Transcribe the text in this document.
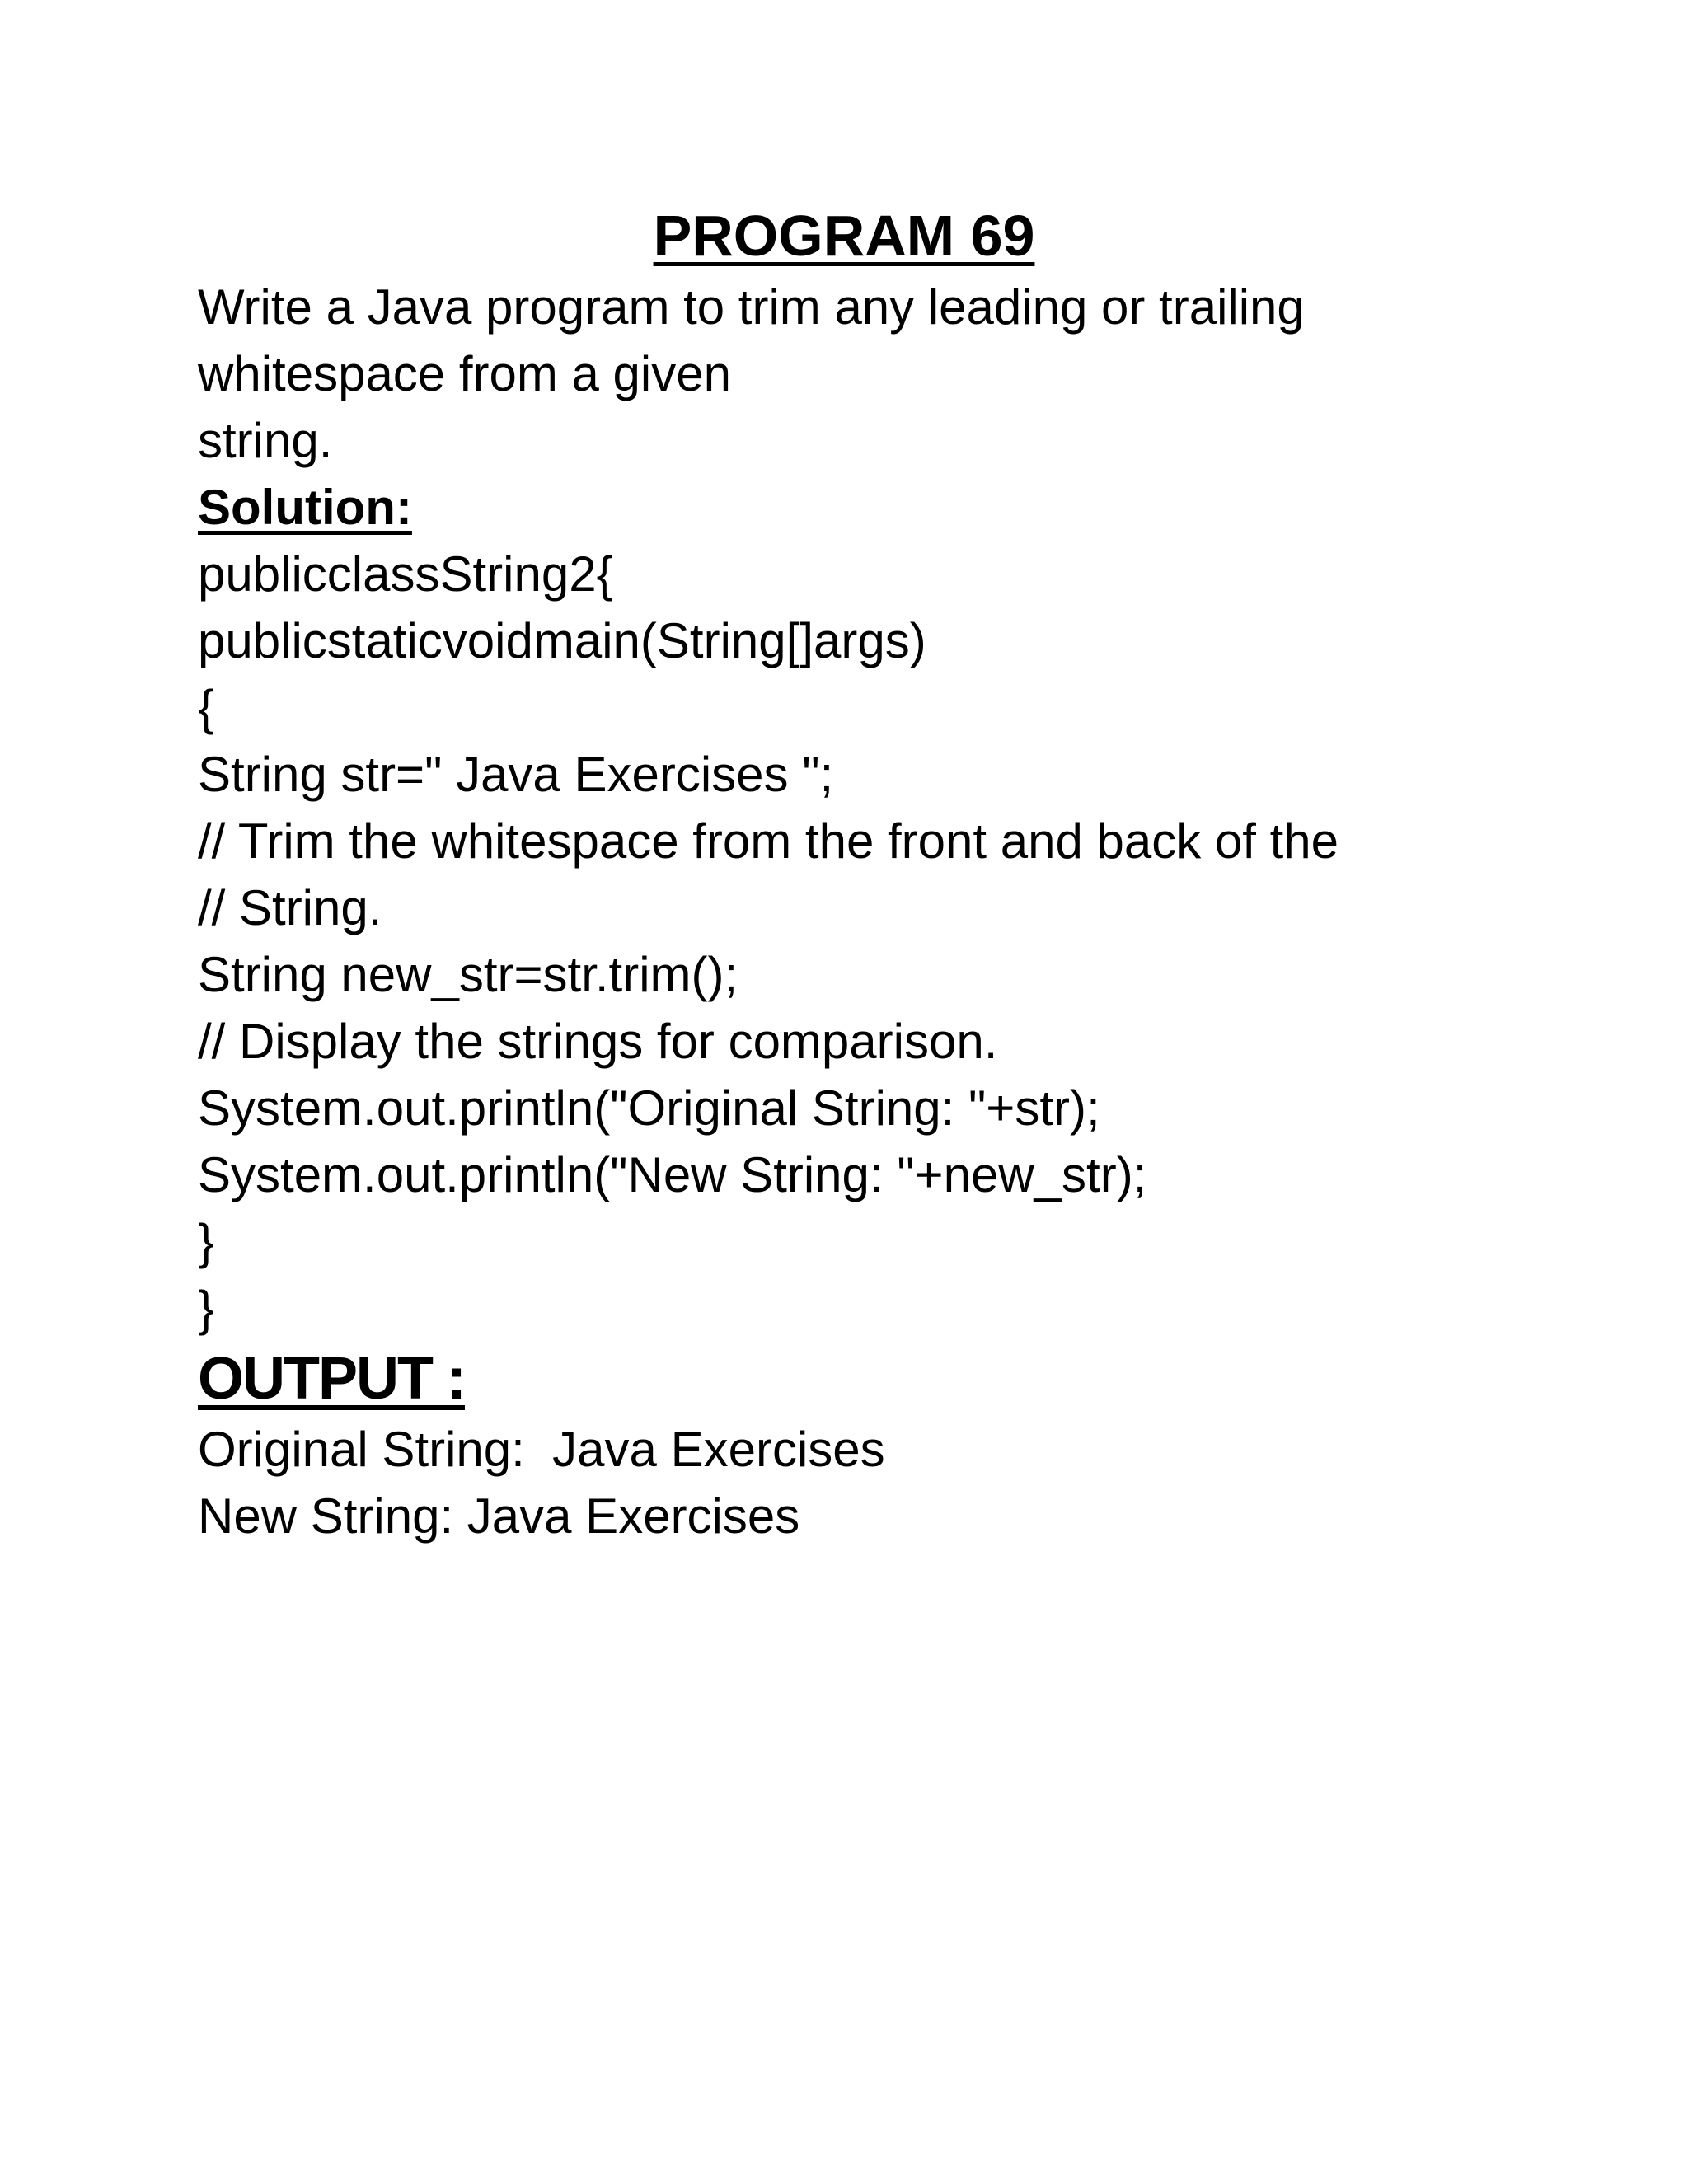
PROGRAM 69
Write a Java program to trim any leading or trailing
whitespace from a given
string.
Solution:
publicclassString2{
publicstaticvoidmain(String[]args)
{
String str=" Java Exercises ";
// Trim the whitespace from the front and back of the
// String.
String new_str=str.trim();
// Display the strings for comparison.
System.out.println("Original String: "+str);
System.out.println("New String: "+new_str);
}
}
OUTPUT :
Original String:  Java Exercises
New String: Java Exercises
